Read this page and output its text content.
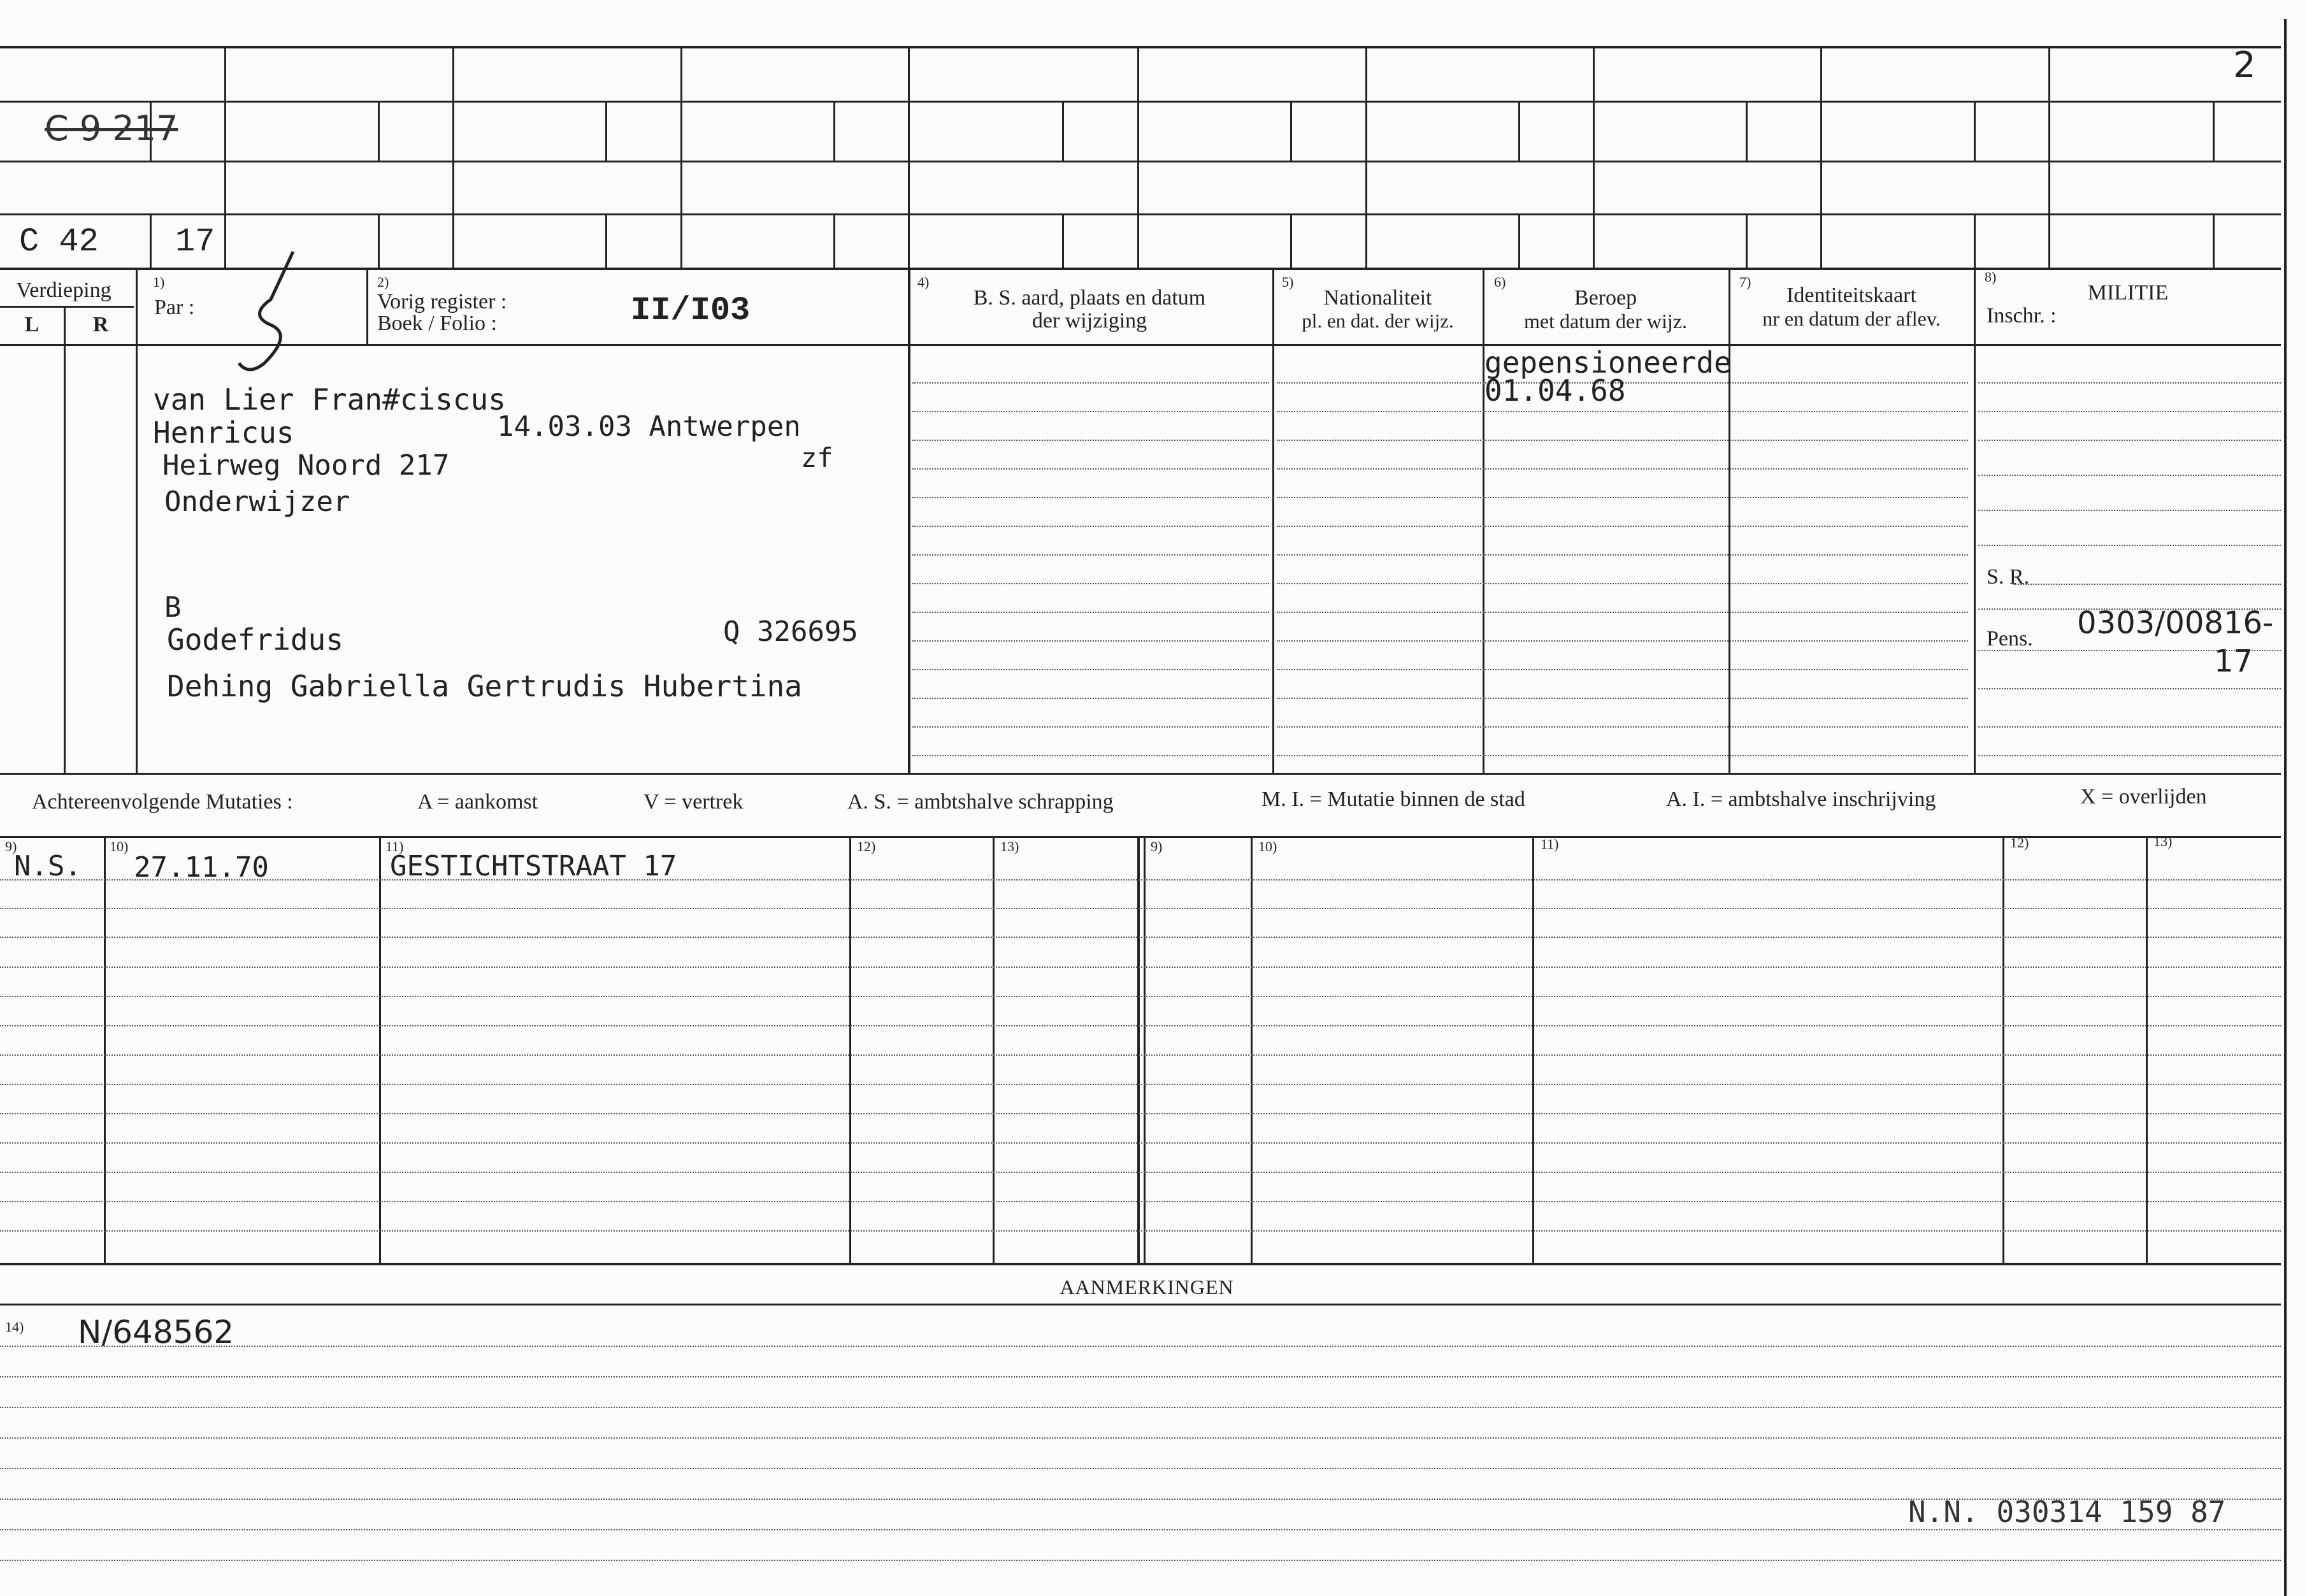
2
C 9 217
C 42 17
Verdieping
L	R
1)
Par :
2)
Vorig register :
Boek / Folio :	II/I03
4)
B. S. aard, plaats en datum
der wijziging
5)
Nationaliteit
pl. en dat. der wijz.
6)
Beroep
met datum der wijz.
7)
Identiteitskaart
nr en datum der aflev.
8)
MILITIE
Inschr. :
van Lier Fran#ciscus
Henricus	14.03.03 Antwerpen
Heirweg Noord 217	zf
Onderwijzer
B
Godefridus	Q 326695
Dehing Gabriella Gertrudis Hubertina
gepensioneerde
01.04.68
S. R.
Pens. 0303/00816-
17
Achtereenvolgende Mutaties :	A = aankomst	V = vertrek	A. S. = ambtshalve schrapping	M. I. = Mutatie binnen de stad	A. I. = ambtshalve inschrijving	X = overlijden
9)	10)	11)	12)	13)	9)	10)	11)	12)	13)
N.S. 27.11.70	GESTICHTSTRAAT 17
AANMERKINGEN
14) N/648562
N.N. 030314 159 87
